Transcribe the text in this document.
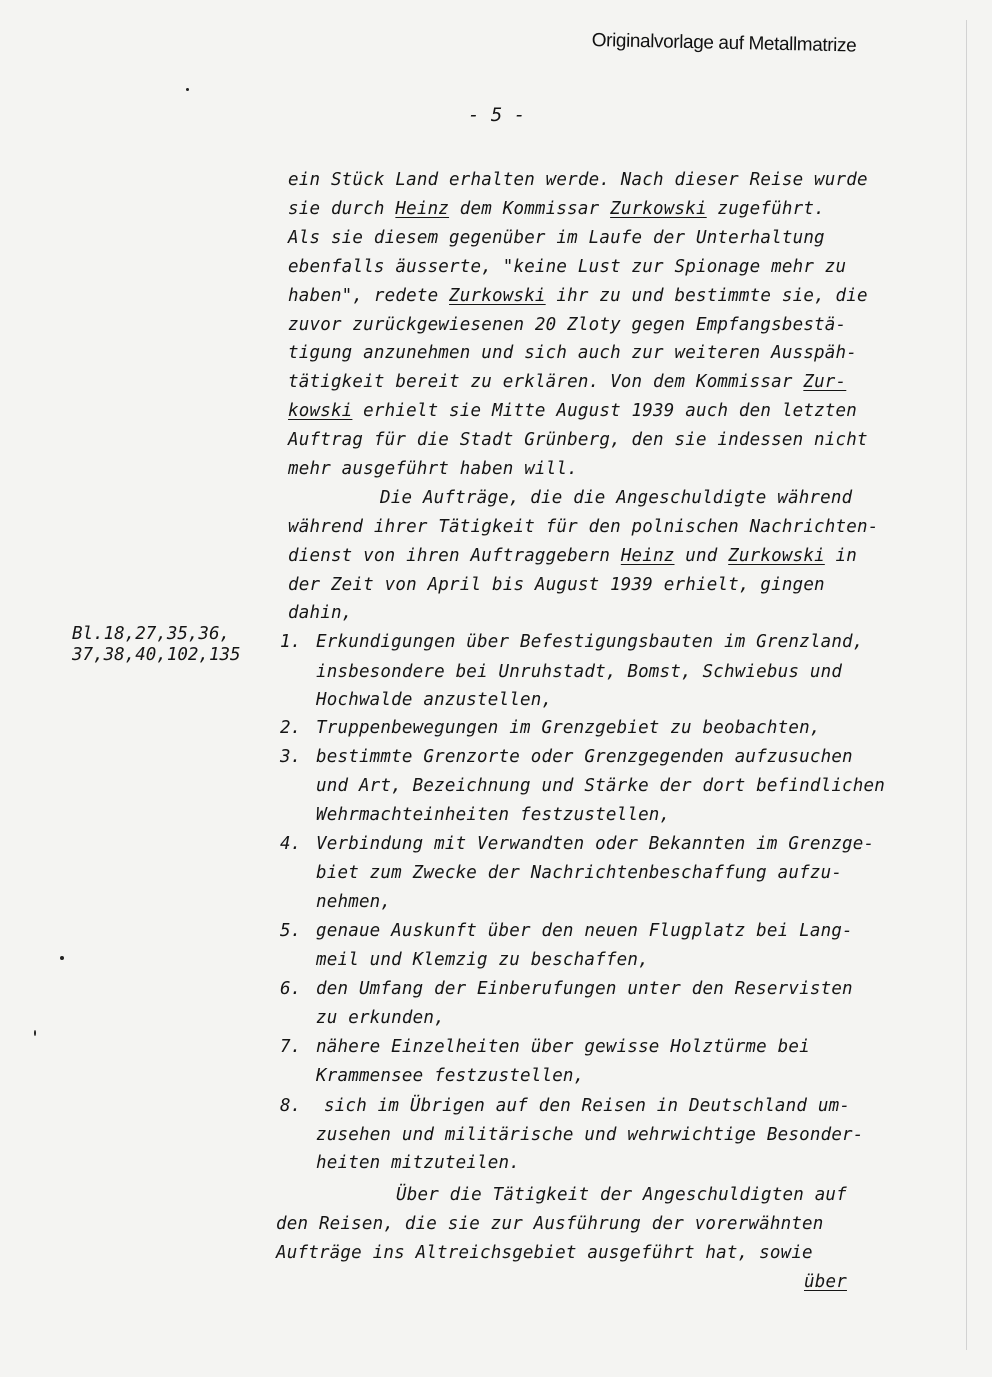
Originalvorlage auf Metallmatrize
- 5 -
Bl.18,27,35,36,
37,38,40,102,135
ein Stück Land erhalten werde. Nach dieser Reise wurde
sie durch Heinz dem Kommissar Zurkowski zugeführt.
Als sie diesem gegenüber im Laufe der Unterhaltung
ebenfalls äusserte, "keine Lust zur Spionage mehr zu
haben", redete Zurkowski ihr zu und bestimmte sie, die
zuvor zurückgewiesenen 20 Zloty gegen Empfangsbestä-
tigung anzunehmen und sich auch zur weiteren Ausspäh-
tätigkeit bereit zu erklären. Von dem Kommissar Zur-
kowski erhielt sie Mitte August 1939 auch den letzten
Auftrag für die Stadt Grünberg, den sie indessen nicht
mehr ausgeführt haben will.
Die Aufträge, die die Angeschuldigte während
während ihrer Tätigkeit für den polnischen Nachrichten-
dienst von ihren Auftraggebern Heinz und Zurkowski in
der Zeit von April bis August 1939 erhielt, gingen
dahin,
1. Erkundigungen über Befestigungsbauten im Grenzland,
insbesondere bei Unruhstadt, Bomst, Schwiebus und
Hochwalde anzustellen,
2. Truppenbewegungen im Grenzgebiet zu beobachten,
3. bestimmte Grenzorte oder Grenzgegenden aufzusuchen
und Art, Bezeichnung und Stärke der dort befindlichen
Wehrmachteinheiten festzustellen,
4. Verbindung mit Verwandten oder Bekannten im Grenzge-
biet zum Zwecke der Nachrichtenbeschaffung aufzu-
nehmen,
5. genaue Auskunft über den neuen Flugplatz bei Lang-
meil und Klemzig zu beschaffen,
6. den Umfang der Einberufungen unter den Reservisten
zu erkunden,
7. nähere Einzelheiten über gewisse Holztürme bei
Krammensee festzustellen,
8. sich im Übrigen auf den Reisen in Deutschland um-
zusehen und militärische und wehrwichtige Besonder-
heiten mitzuteilen.
Über die Tätigkeit der Angeschuldigten auf
den Reisen, die sie zur Ausführung der vorerwähnten
Aufträge ins Altreichsgebiet ausgeführt hat, sowie
über
